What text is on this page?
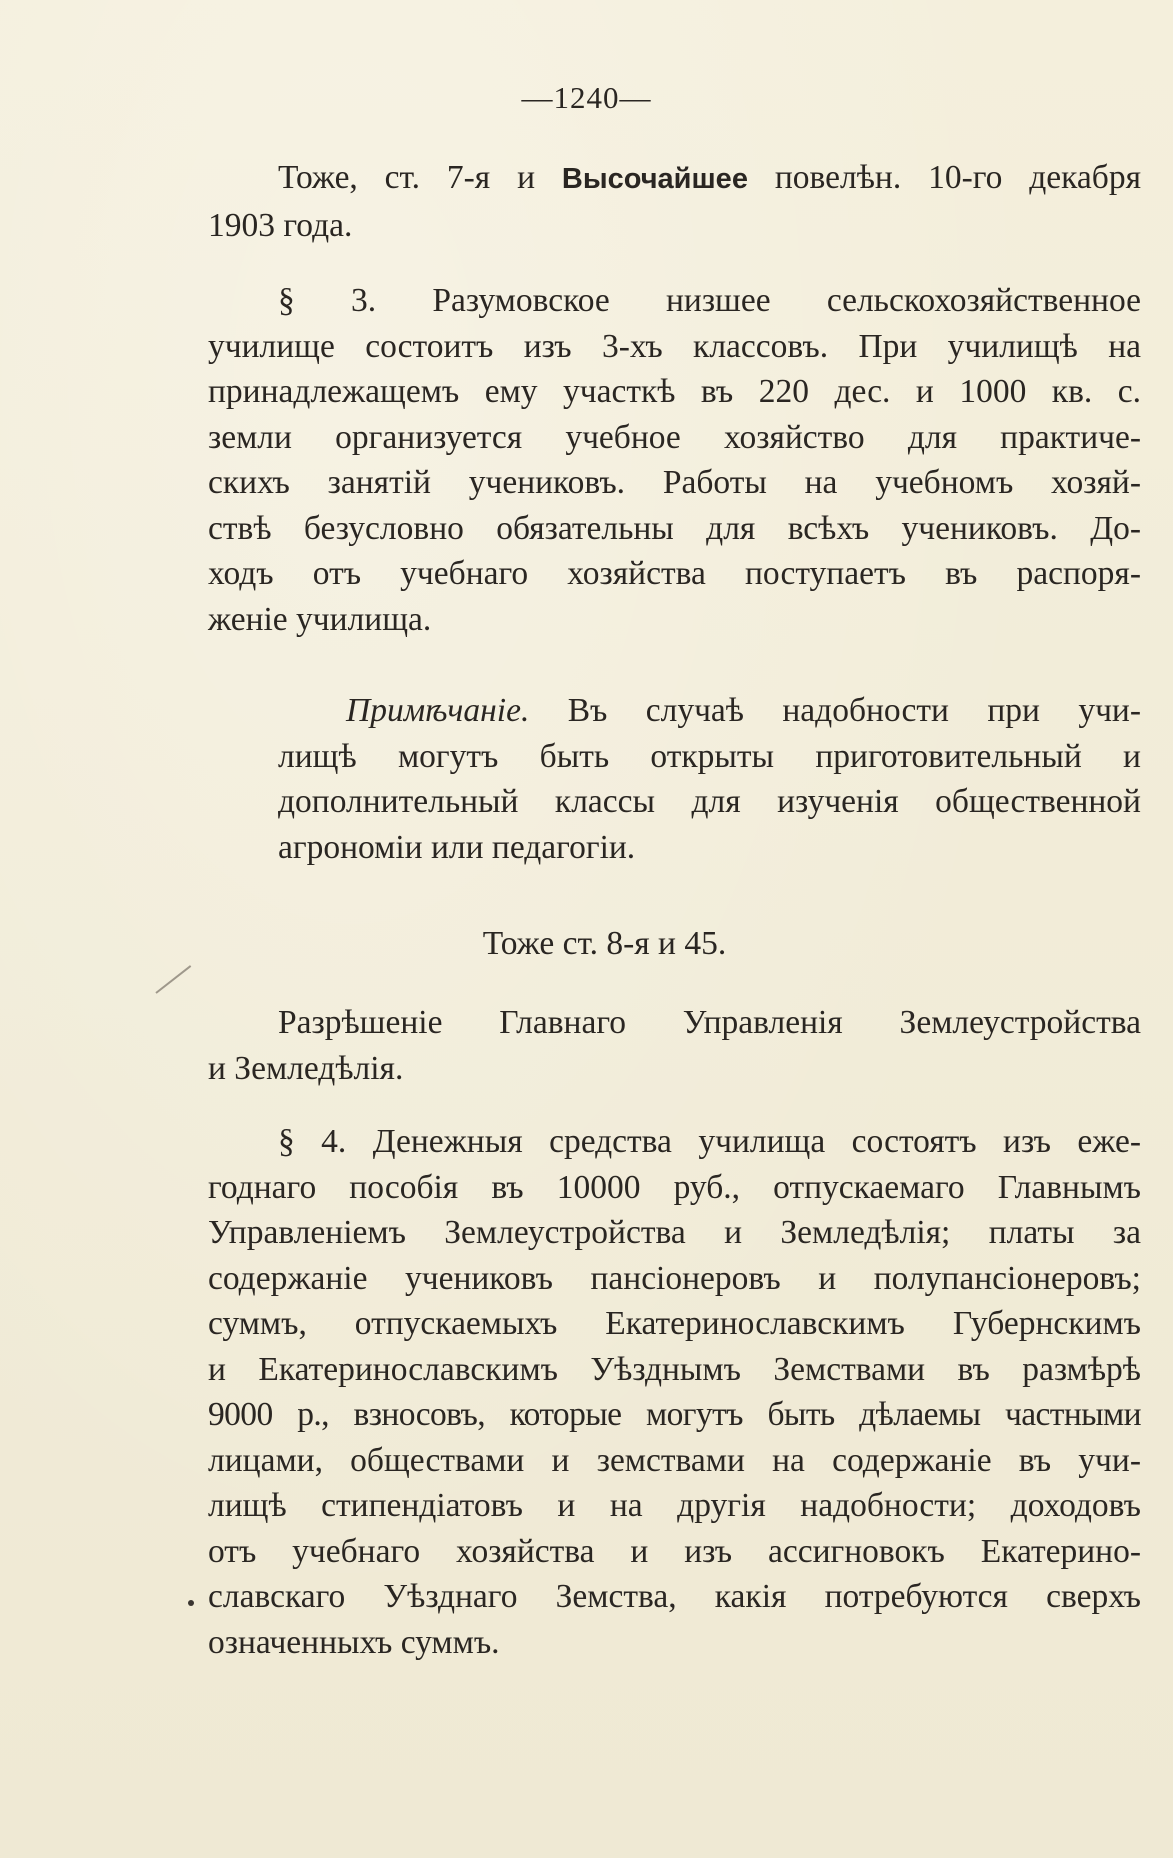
—1240—
Тоже, ст. 7-я и Высочайшее повелѣн. 10-го декабря
1903 года.
§ 3. Разумовское низшее сельскохозяйственное
училище состоитъ изъ 3-хъ классовъ. При училищѣ на
принадлежащемъ ему участкѣ въ 220 дес. и 1000 кв. с.
земли организуется учебное хозяйство для практиче-
скихъ занятій учениковъ. Работы на учебномъ хозяй-
ствѣ безусловно обязательны для всѣхъ учениковъ. До-
ходъ отъ учебнаго хозяйства поступаетъ въ распоря-
женіе училища.
Примѣчаніе. Въ случаѣ надобности при учи-
лищѣ могутъ быть открыты приготовительный и
дополнительный классы для изученія общественной
агрономіи или педагогіи.
Тоже ст. 8-я и 45.
Разрѣшеніе Главнаго Управленія Землеустройства
и Земледѣлія.
§ 4. Денежныя средства училища состоятъ изъ еже-
годнаго пособія въ 10000 руб., отпускаемаго Главнымъ
Управленіемъ Землеустройства и Земледѣлія; платы за
содержаніе учениковъ пансіонеровъ и полупансіонеровъ;
суммъ, отпускаемыхъ Екатеринославскимъ Губернскимъ
и Екатеринославскимъ Уѣзднымъ Земствами въ размѣрѣ
9000 р., взносовъ, которые могутъ быть дѣлаемы частными
лицами, обществами и земствами на содержаніе въ учи-
лищѣ стипендіатовъ и на другія надобности; доходовъ
отъ учебнаго хозяйства и изъ ассигновокъ Екатерино-
славскаго Уѣзднаго Земства, какія потребуются сверхъ
означенныхъ суммъ.
